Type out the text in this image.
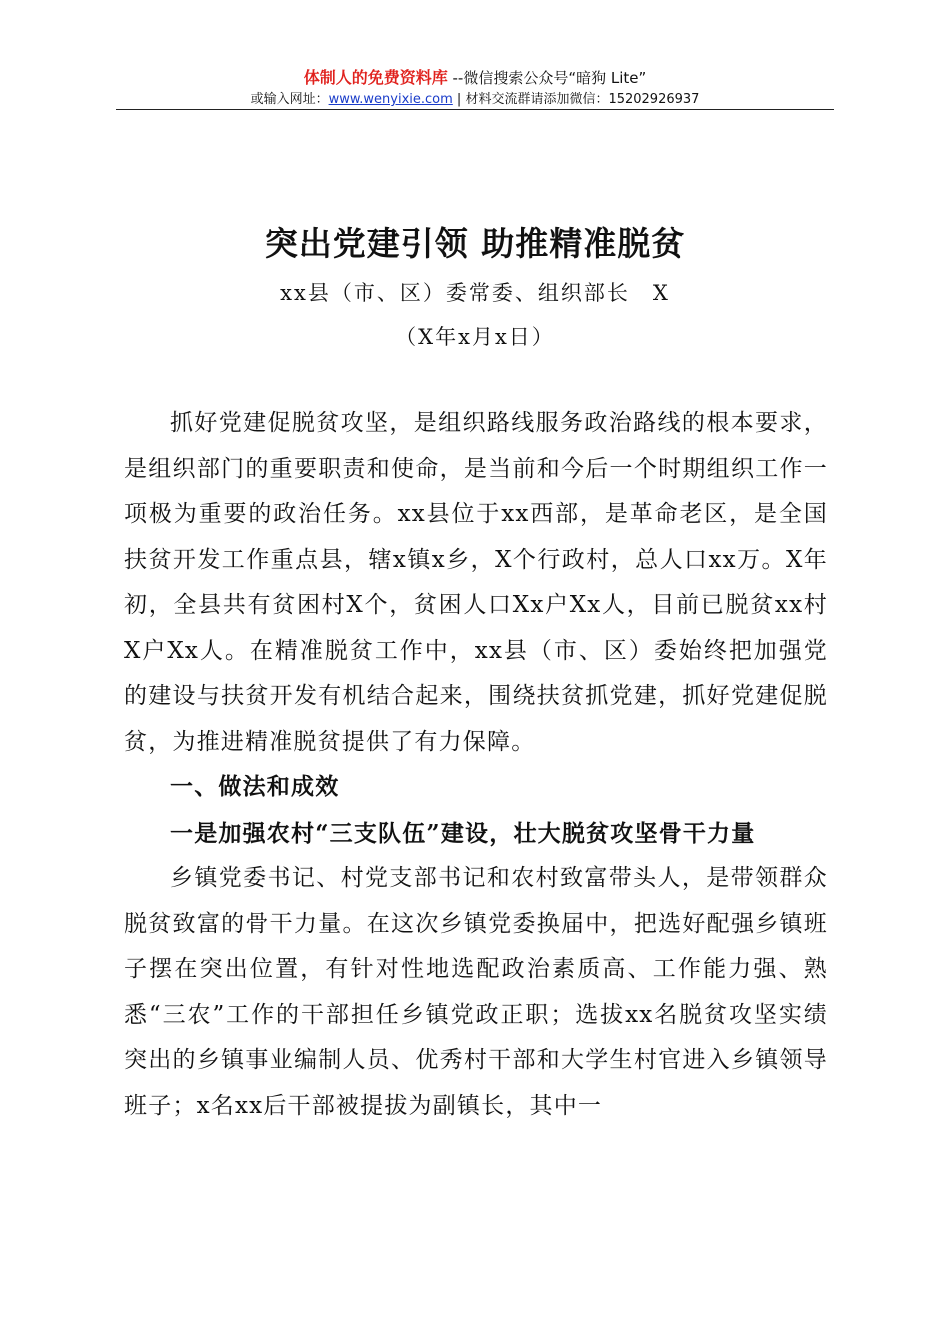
体制人的免费资料库 --微信搜索公众号“暗狗 Lite”
或输入网址：www.wenyixie.com | 材料交流群请添加微信：15202926937
突出党建引领 助推精准脱贫
xx县（市、区）委常委、组织部长　X
（X年x月x日）

抓好党建促脱贫攻坚，是组织路线服务政治路线的根本要求，是组织部门的重要职责和使命，是当前和今后一个时期组织工作一项极为重要的政治任务。xx县位于xx西部，是革命老区，是全国扶贫开发工作重点县，辖x镇x乡，X个行政村，总人口xx万。X年初，全县共有贫困村X个，贫困人口Xx户Xx人，目前已脱贫xx村X户Xx人。在精准脱贫工作中，xx县（市、区）委始终把加强党的建设与扶贫开发有机结合起来，围绕扶贫抓党建，抓好党建促脱贫，为推进精准脱贫提供了有力保障。

一、做法和成效

一是加强农村“三支队伍”建设，壮大脱贫攻坚骨干力量

乡镇党委书记、村党支部书记和农村致富带头人，是带领群众脱贫致富的骨干力量。在这次乡镇党委换届中，把选好配强乡镇班子摆在突出位置，有针对性地选配政治素质高、工作能力强、熟悉“三农”工作的干部担任乡镇党政正职；选拔xx名脱贫攻坚实绩突出的乡镇事业编制人员、优秀村干部和大学生村官进入乡镇领导班子；x名xx后干部被提拔为副镇长，其中一
